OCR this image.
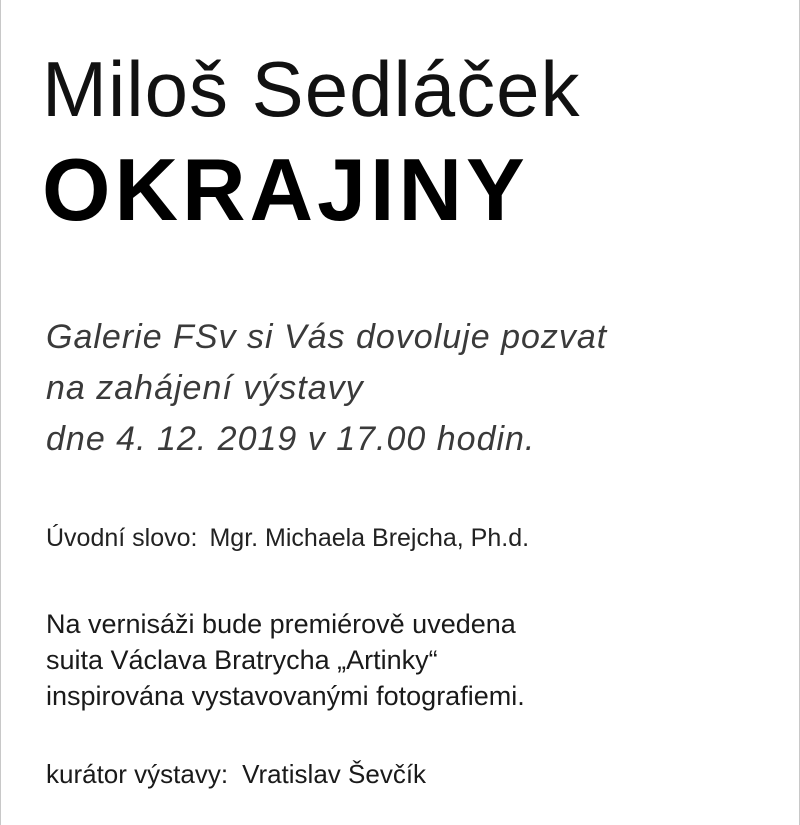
Miloš Sedláček
OKRAJINY
Galerie FSv si Vás dovoluje pozvat
na zahájení výstavy
dne 4. 12. 2019 v 17.00 hodin.
Úvodní slovo: Mgr. Michaela Brejcha, Ph.d.
Na vernisáži bude premiérově uvedena
suita Václava Bratrycha „Artinky“
inspirována vystavovanými fotografiemi.
kurátor výstavy: Vratislav Ševčík
